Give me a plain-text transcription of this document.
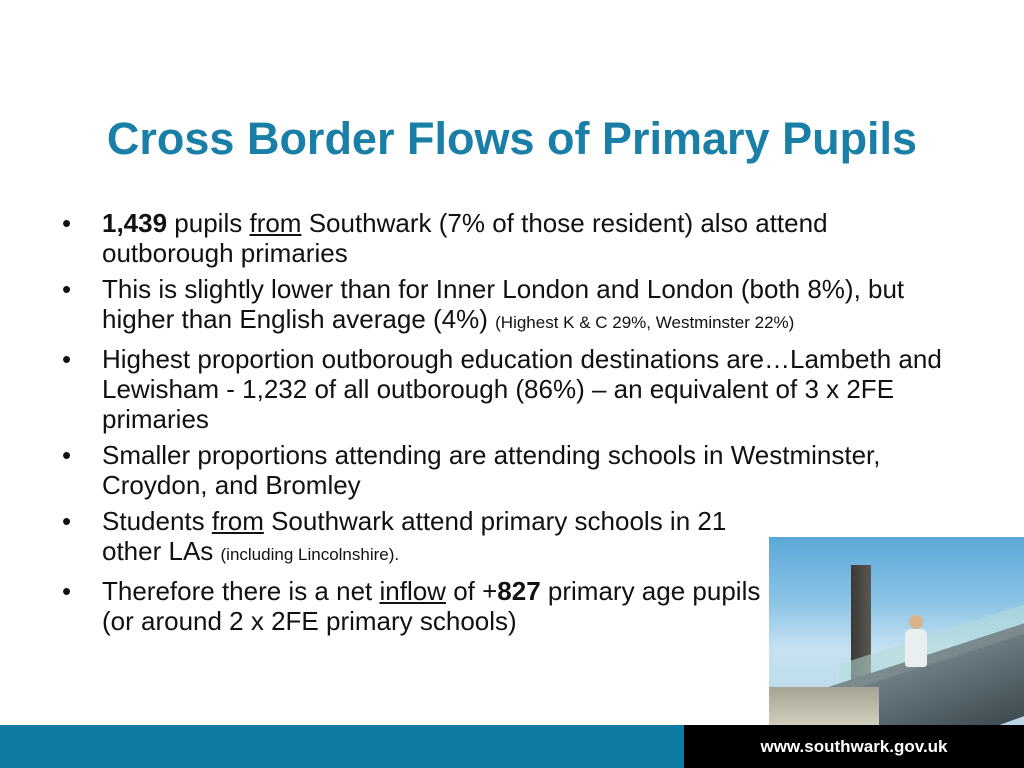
Cross Border Flows of Primary Pupils
• 1,439 pupils from Southwark (7% of those resident) also attend outborough primaries
• This is slightly lower than for Inner London and London (both 8%), but higher than English average (4%) (Highest K & C 29%, Westminster 22%)
• Highest proportion outborough education destinations are…Lambeth and Lewisham - 1,232 of all outborough (86%) – an equivalent of 3 x 2FE primaries
• Smaller proportions attending are attending schools in Westminster, Croydon, and Bromley
• Students from Southwark attend primary schools in 21 other LAs (including Lincolnshire).
• Therefore there is a net inflow of +827 primary age pupils (or around 2 x 2FE primary schools)
www.southwark.gov.uk
